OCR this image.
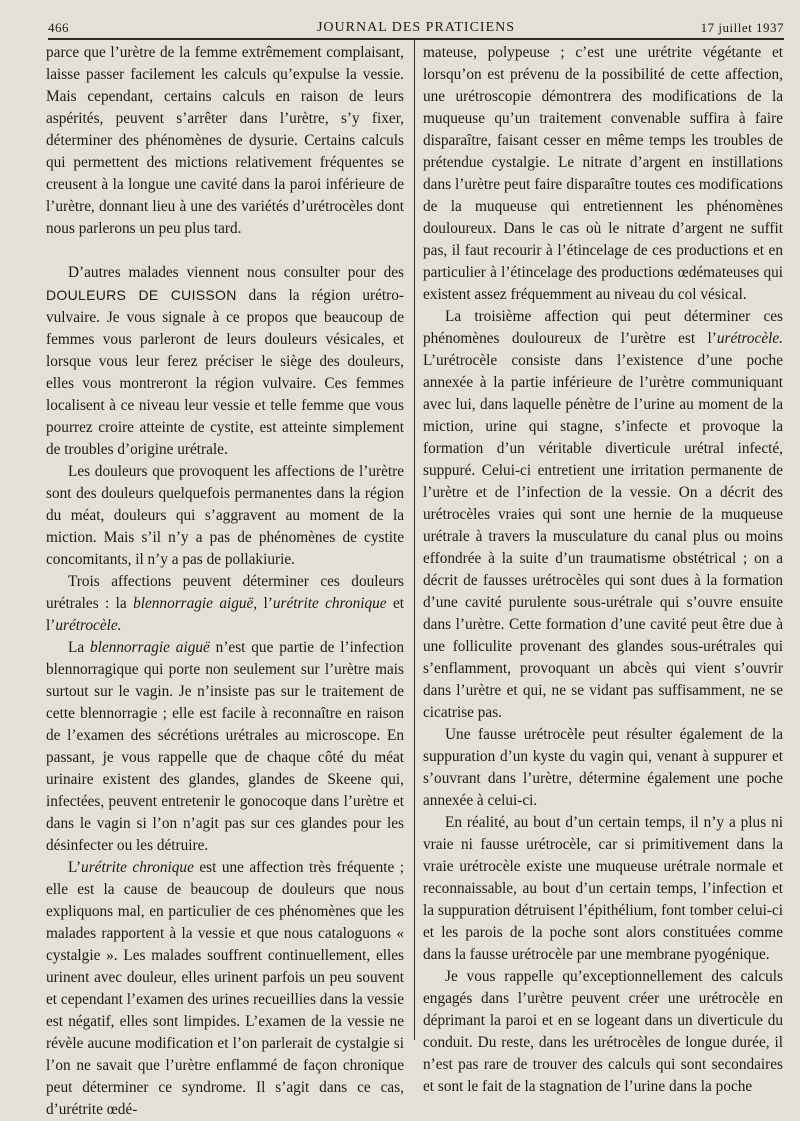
466	JOURNAL DES PRATICIENS	17 juillet 1937

parce que l’urètre de la femme extrêmement complaisant, laisse passer facilement les calculs qu’expulse la vessie. Mais cependant, certains calculs en raison de leurs aspérités, peuvent s’arrêter dans l’urètre, s’y fixer, déterminer des phénomènes de dysurie. Certains calculs qui permettent des mictions relativement fréquentes se creusent à la longue une cavité dans la paroi inférieure de l’urètre, donnant lieu à une des variétés d’urétrocèles dont nous parlerons un peu plus tard.

D’autres malades viennent nous consulter pour des DOULEURS DE CUISSON dans la région urétro-vulvaire. Je vous signale à ce propos que beaucoup de femmes vous parleront de leurs douleurs vésicales, et lorsque vous leur ferez préciser le siège des douleurs, elles vous montreront la région vulvaire. Ces femmes localisent à ce niveau leur vessie et telle femme que vous pourrez croire atteinte de cystite, est atteinte simplement de troubles d’origine urétrale.

Les douleurs que provoquent les affections de l’urètre sont des douleurs quelquefois permanentes dans la région du méat, douleurs qui s’aggravent au moment de la miction. Mais s’il n’y a pas de phénomènes de cystite concomitants, il n’y a pas de pollakiurie.

Trois affections peuvent déterminer ces douleurs urétrales : la blennorragie aiguë, l’urétrite chronique et l’urétrocèle.

La blennorragie aiguë n’est que partie de l’infection blennorragique qui porte non seulement sur l’urètre mais surtout sur le vagin. Je n’insiste pas sur le traitement de cette blennorragie ; elle est facile à reconnaître en raison de l’examen des sécrétions urétrales au microscope. En passant, je vous rappelle que de chaque côté du méat urinaire existent des glandes, glandes de Skeene qui, infectées, peuvent entretenir le gonocoque dans l’urètre et dans le vagin si l’on n’agit pas sur ces glandes pour les désinfecter ou les détruire.

L’urétrite chronique est une affection très fréquente ; elle est la cause de beaucoup de douleurs que nous expliquons mal, en particulier de ces phénomènes que les malades rapportent à la vessie et que nous cataloguons « cystalgie ». Les malades souffrent continuellement, elles urinent avec douleur, elles urinent parfois un peu souvent et cependant l’examen des urines recueillies dans la vessie est négatif, elles sont limpides. L’examen de la vessie ne révèle aucune modification et l’on parlerait de cystalgie si l’on ne savait que l’urètre enflammé de façon chronique peut déterminer ce syndrome. Il s’agit dans ce cas, d’urétrite œdé-

mateuse, polypeuse ; c’est une urétrite végétante et lorsqu’on est prévenu de la possibilité de cette affection, une urétroscopie démontrera des modifications de la muqueuse qu’un traitement convenable suffira à faire disparaître, faisant cesser en même temps les troubles de prétendue cystalgie. Le nitrate d’argent en instillations dans l’urètre peut faire disparaître toutes ces modifications de la muqueuse qui entretiennent les phénomènes douloureux. Dans le cas où le nitrate d’argent ne suffit pas, il faut recourir à l’étincelage de ces productions et en particulier à l’étincelage des productions œdémateuses qui existent assez fréquemment au niveau du col vésical.

La troisième affection qui peut déterminer ces phénomènes douloureux de l’urètre est l’urétrocèle. L’urétrocèle consiste dans l’existence d’une poche annexée à la partie inférieure de l’urètre communiquant avec lui, dans laquelle pénètre de l’urine au moment de la miction, urine qui stagne, s’infecte et provoque la formation d’un véritable diverticule urétral infecté, suppuré. Celui-ci entretient une irritation permanente de l’urètre et de l’infection de la vessie. On a décrit des urétrocèles vraies qui sont une hernie de la muqueuse urétrale à travers la musculature du canal plus ou moins effondrée à la suite d’un traumatisme obstétrical ; on a décrit de fausses urétrocèles qui sont dues à la formation d’une cavité purulente sous-urétrale qui s’ouvre ensuite dans l’urètre. Cette formation d’une cavité peut être due à une folliculite provenant des glandes sous-urétrales qui s’enflamment, provoquant un abcès qui vient s’ouvrir dans l’urètre et qui, ne se vidant pas suffisamment, ne se cicatrise pas.

Une fausse urétrocèle peut résulter également de la suppuration d’un kyste du vagin qui, venant à suppurer et s’ouvrant dans l’urètre, détermine également une poche annexée à celui-ci.

En réalité, au bout d’un certain temps, il n’y a plus ni vraie ni fausse urétrocèle, car si primitivement dans la vraie urétrocèle existe une muqueuse urétrale normale et reconnaissable, au bout d’un certain temps, l’infection et la suppuration détruisent l’épithélium, font tomber celui-ci et les parois de la poche sont alors constituées comme dans la fausse urétrocèle par une membrane pyogénique.

Je vous rappelle qu’exceptionnellement des calculs engagés dans l’urètre peuvent créer une urétrocèle en déprimant la paroi et en se logeant dans un diverticule du conduit. Du reste, dans les urétrocèles de longue durée, il n’est pas rare de trouver des calculs qui sont secondaires et sont le fait de la stagnation de l’urine dans la poche
